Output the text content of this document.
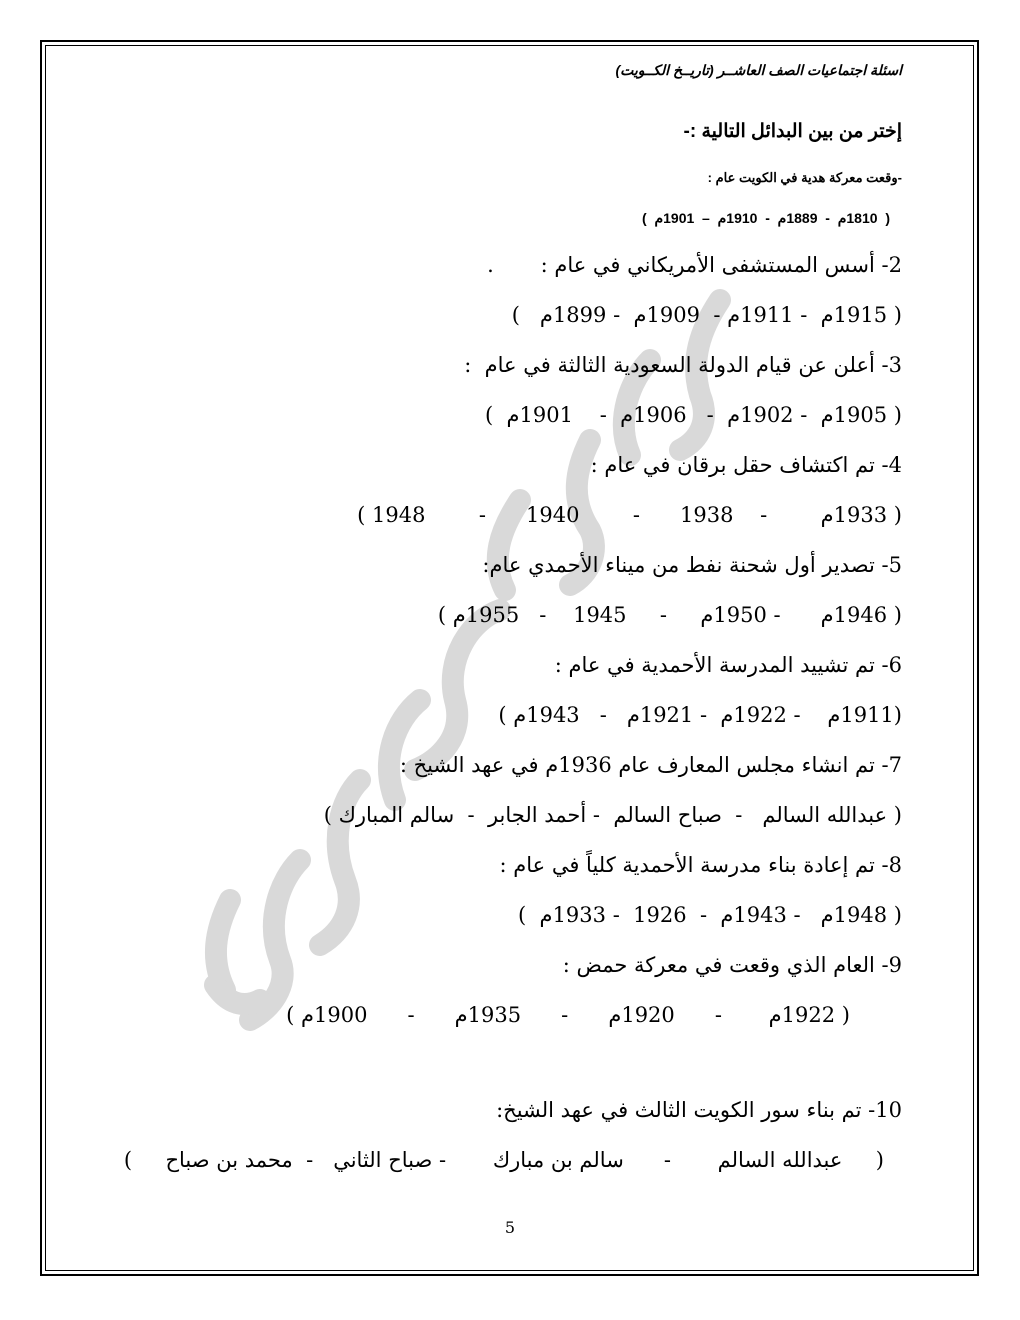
اسئلة اجتماعيات الصف العاشــر (تاريــخ الكــويت)
إختر من بين البدائل التالية :-
-وقعت معركة هدية في الكويت عام :
(  1810م  -  1889م  -  1910م  –  1901م  )
2- أسس المستشفى الأمريكاني في عام :       .
( 1915م  - 1911م -  1909م  - 1899م   )
3- أعلن عن قيام الدولة السعودية الثالثة في عام  :
( 1905م  - 1902م  -   1906م  -    1901م  )
4- تم اكتشاف حقل برقان في عام :
( 1933م        -    1938      -        1940      -        1948 )
5- تصدير أول شحنة نفط من ميناء الأحمدي عام:
( 1946م      - 1950م     -     1945    -   1955م )
6- تم تشييد المدرسة الأحمدية في عام :
(1911م    - 1922م  - 1921م   -   1943م )
7- تم انشاء مجلس المعارف عام 1936م في عهد الشيخ :
( عبدالله السالم   -  صباح السالم  - أحمد الجابر  -  سالم المبارك )
8- تم إعادة بناء مدرسة الأحمدية كلياً في عام :
( 1948م   - 1943م  -  1926  - 1933م  )
9- العام الذي وقعت في معركة حمض :
( 1922م       -      1920م      -      1935م      -      1900م )
10- تم بناء سور الكويت الثالث في عهد الشيخ:
(     عبدالله السالم       -      سالم بن مبارك       - صباح الثاني   -  محمد بن صباح     )
5
